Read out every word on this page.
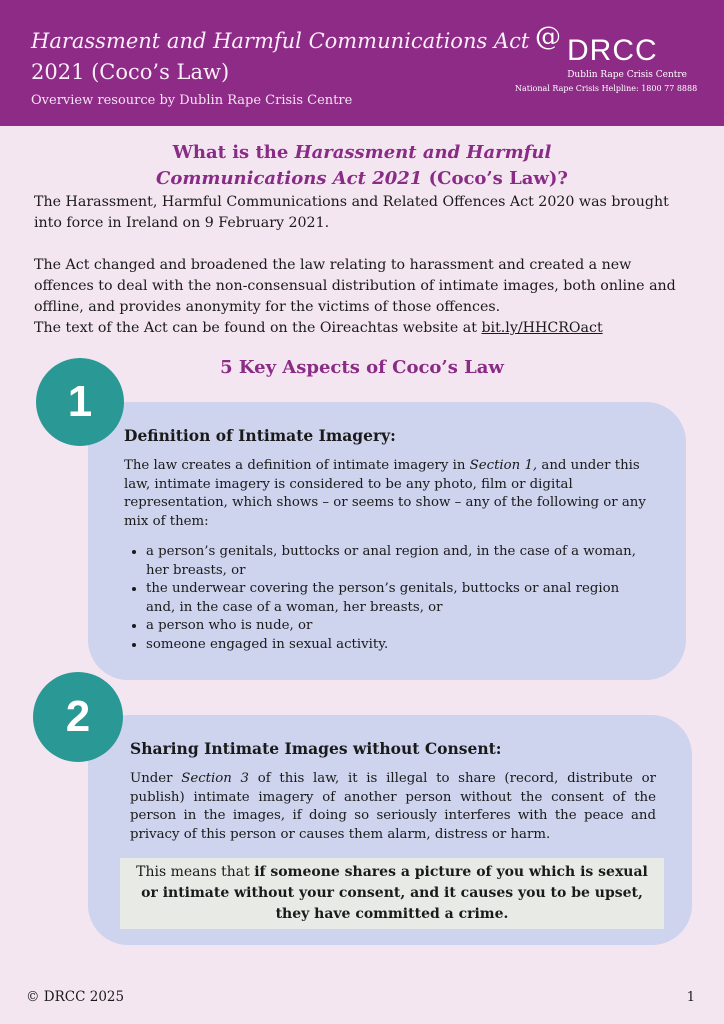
Harassment and Harmful Communications Act
2021 (Coco’s Law)
Overview resource by Dublin Rape Crisis Centre
@ DRCC
Dublin Rape Crisis Centre
National Rape Crisis Helpline: 1800 77 8888
What is the Harassment and Harmful
Communications Act 2021 (Coco’s Law)?

The Harassment, Harmful Communications and Related Offences Act 2020 was brought into force in Ireland on 9 February 2021.

The Act changed and broadened the law relating to harassment and created a new offences to deal with the non-consensual distribution of intimate images, both online and offline, and provides anonymity for the victims of those offences.

The text of the Act can be found on the Oireachtas website at bit.ly/HHCROact

5 Key Aspects of Coco’s Law
Definition of Intimate Imagery:
The law creates a definition of intimate imagery in Section 1, and under this law, intimate imagery is considered to be any photo, film or digital representation, which shows – or seems to show – any of the following or any mix of them:
• a person’s genitals, buttocks or anal region and, in the case of a woman, her breasts, or
• the underwear covering the person’s genitals, buttocks or anal region and, in the case of a woman, her breasts, or
• a person who is nude, or
• someone engaged in sexual activity.
1
Sharing Intimate Images without Consent:
Under Section 3 of this law, it is illegal to share (record, distribute or publish) intimate imagery of another person without the consent of the person in the images, if doing so seriously interferes with the peace and privacy of this person or causes them alarm, distress or harm.
This means that if someone shares a picture of you which is sexual or intimate without your consent, and it causes you to be upset, they have committed a crime.
2
© DRCC 2025	1
